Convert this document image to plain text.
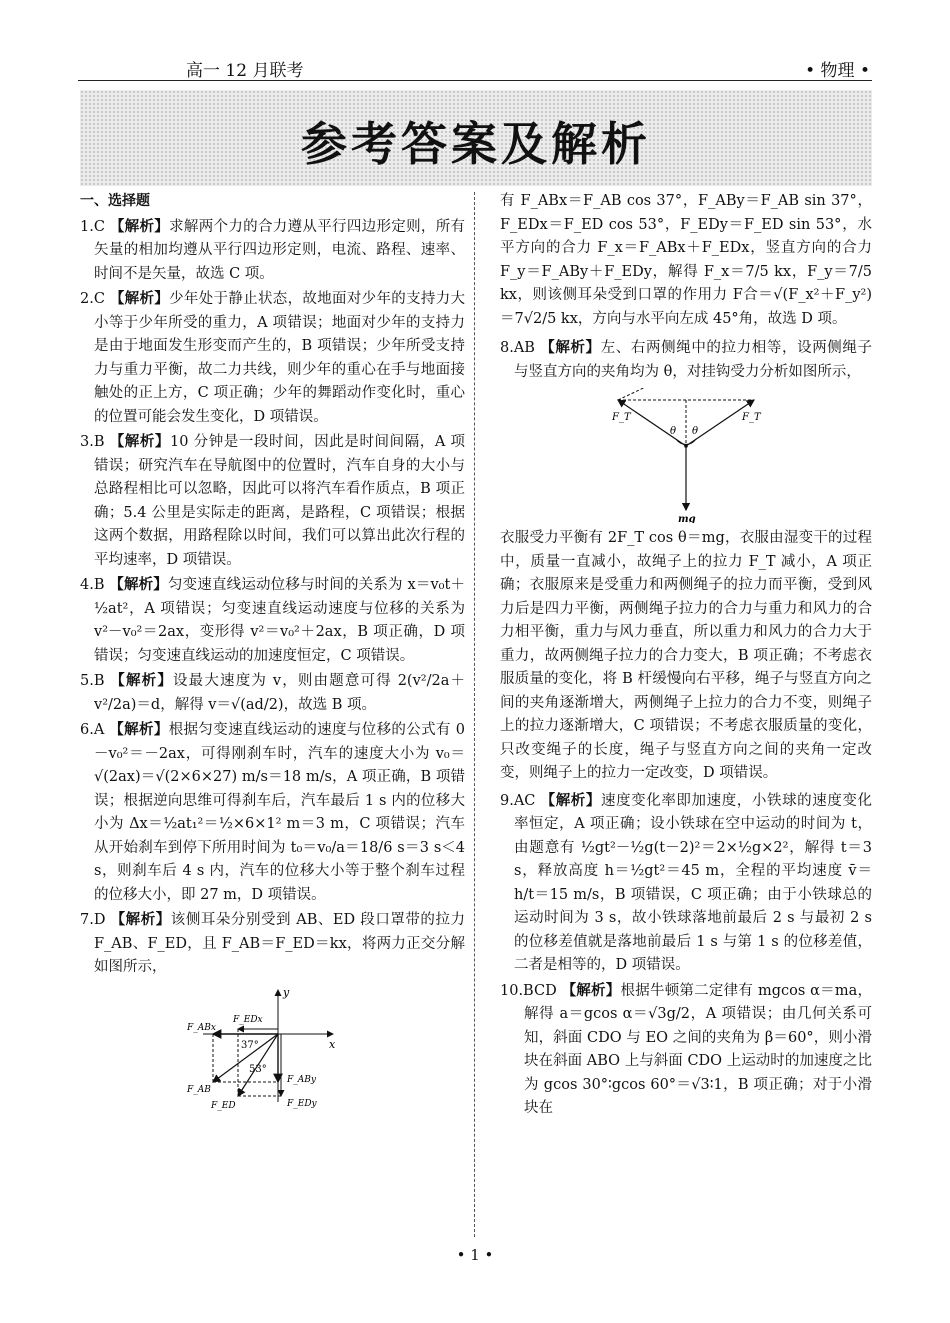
高一 12 月联考	• 物理 •
参考答案及解析
一、选择题
1.C 【解析】求解两个力的合力遵从平行四边形定则，所有矢量的相加均遵从平行四边形定则，电流、路程、速率、时间不是矢量，故选 C 项。
2.C 【解析】少年处于静止状态，故地面对少年的支持力大小等于少年所受的重力，A 项错误；地面对少年的支持力是由于地面发生形变而产生的，B 项错误；少年所受支持力与重力平衡，故二力共线，则少年的重心在手与地面接触处的正上方，C 项正确；少年的舞蹈动作变化时，重心的位置可能会发生变化，D 项错误。
3.B 【解析】10 分钟是一段时间，因此是时间间隔，A 项错误；研究汽车在导航图中的位置时，汽车自身的大小与总路程相比可以忽略，因此可以将汽车看作质点，B 项正确；5.4 公里是实际走的距离，是路程，C 项错误；根据这两个数据，用路程除以时间，我们可以算出此次行程的平均速率，D 项错误。
4.B 【解析】匀变速直线运动位移与时间的关系为 x＝v₀t＋½at²，A 项错误；匀变速直线运动速度与位移的关系为 v²－v₀²＝2ax，变形得 v²＝v₀²＋2ax，B 项正确，D 项错误；匀变速直线运动的加速度恒定，C 项错误。
5.B 【解析】设最大速度为 v，则由题意可得 2(v²/2a＋v²/2a)＝d，解得 v＝√(ad/2)，故选 B 项。
6.A 【解析】根据匀变速直线运动的速度与位移的公式有 0－v₀²＝－2ax，可得刚刹车时，汽车的速度大小为 v₀＝√(2ax)＝√(2×6×27) m/s＝18 m/s，A 项正确，B 项错误；根据逆向思维可得刹车后，汽车最后 1 s 内的位移大小为 Δx＝½at₁²＝½×6×1² m＝3 m，C 项错误；汽车从开始刹车到停下所用时间为 t₀＝v₀/a＝18/6 s＝3 s＜4 s，则刹车后 4 s 内，汽车的位移大小等于整个刹车过程的位移大小，即 27 m，D 项错误。
7.D 【解析】该侧耳朵分别受到 AB、ED 段口罩带的拉力 F_AB、F_ED，且 F_AB＝F_ED＝kx，将两力正交分解如图所示，
y
x
F_ABx
F_EDx
37°
53°
F_AB
F_ED
F_ABy
F_EDy
有 F_ABx＝F_AB cos 37°，F_ABy＝F_AB sin 37°，F_EDx＝F_ED cos 53°，F_EDy＝F_ED sin 53°，水平方向的合力 F_x＝F_ABx＋F_EDx，竖直方向的合力 F_y＝F_ABy＋F_EDy，解得 F_x＝7/5 kx，F_y＝7/5 kx，则该侧耳朵受到口罩的作用力 F合＝√(F_x²＋F_y²)＝7√2/5 kx，方向与水平向左成 45°角，故选 D 项。
8.AB 【解析】左、右两侧绳中的拉力相等，设两侧绳子与竖直方向的夹角均为 θ，对挂钩受力分析如图所示，
F_T	F_T
θ θ
mg
衣服受力平衡有 2F_T cos θ＝mg，衣服由湿变干的过程中，质量一直减小，故绳子上的拉力 F_T 减小，A 项正确；衣服原来是受重力和两侧绳子的拉力而平衡，受到风力后是四力平衡，两侧绳子拉力的合力与重力和风力的合力相平衡，重力与风力垂直，所以重力和风力的合力大于重力，故两侧绳子拉力的合力变大，B 项正确；不考虑衣服质量的变化，将 B 杆缓慢向右平移，绳子与竖直方向之间的夹角逐渐增大，两侧绳子上拉力的合力不变，则绳子上的拉力逐渐增大，C 项错误；不考虑衣服质量的变化，只改变绳子的长度，绳子与竖直方向之间的夹角一定改变，则绳子上的拉力一定改变，D 项错误。
9.AC 【解析】速度变化率即加速度，小铁球的速度变化率恒定，A 项正确；设小铁球在空中运动的时间为 t，由题意有 ½gt²－½g(t－2)²＝2×½g×2²，解得 t＝3 s，释放高度 h＝½gt²＝45 m，全程的平均速度 v̄＝h/t＝15 m/s，B 项错误，C 项正确；由于小铁球总的运动时间为 3 s，故小铁球落地前最后 2 s 与最初 2 s 的位移差值就是落地前最后 1 s 与第 1 s 的位移差值，二者是相等的，D 项错误。
10.BCD 【解析】根据牛顿第二定律有 mgcos α＝ma，解得 a＝gcos α＝√3g/2，A 项错误；由几何关系可知，斜面 CDO 与 EO 之间的夹角为 β＝60°，则小滑块在斜面 ABO 上与斜面 CDO 上运动时的加速度之比为 gcos 30°∶gcos 60°＝√3∶1，B 项正确；对于小滑块在
• 1 •
